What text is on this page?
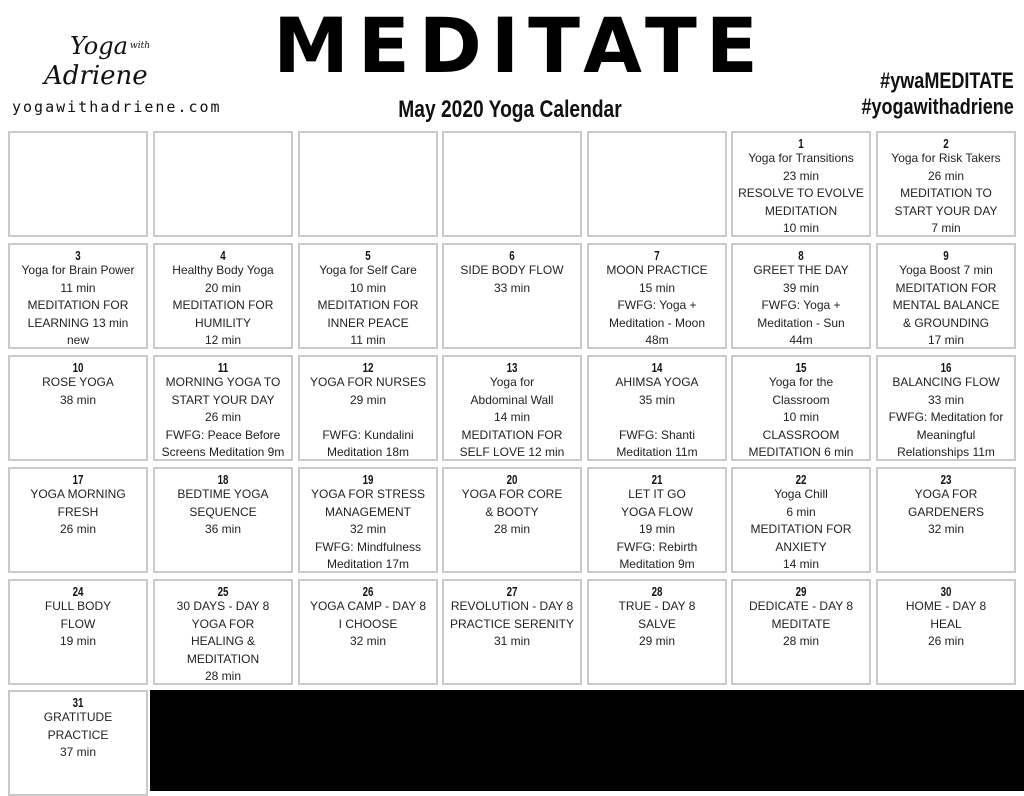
Yoga with
Adriene
yogawithadriene.com
MEDITATE
May 2020 Yoga Calendar
#ywaMEDITATE
#yogawithadriene
1
Yoga for Transitions
23 min
RESOLVE TO EVOLVE
MEDITATION
10 min
2
Yoga for Risk Takers
26 min
MEDITATION TO
START YOUR DAY
7 min
3
Yoga for Brain Power
11 min
MEDITATION FOR
LEARNING 13 min
new
4
Healthy Body Yoga
20 min
MEDITATION FOR
HUMILITY
12 min
5
Yoga for Self Care
10 min
MEDITATION FOR
INNER PEACE
11 min
6
SIDE BODY FLOW
33 min
7
MOON PRACTICE
15 min
FWFG: Yoga +
Meditation - Moon
48m
8
GREET THE DAY
39 min
FWFG: Yoga +
Meditation - Sun
44m
9
Yoga Boost 7 min
MEDITATION FOR
MENTAL BALANCE
& GROUNDING
17 min
10
ROSE YOGA
38 min
11
MORNING YOGA TO
START YOUR DAY
26 min
FWFG: Peace Before
Screens Meditation 9m
12
YOGA FOR NURSES
29 min

FWFG: Kundalini
Meditation 18m
13
Yoga for
Abdominal Wall
14 min
MEDITATION FOR
SELF LOVE 12 min
14
AHIMSA YOGA
35 min

FWFG: Shanti
Meditation 11m
15
Yoga for the
Classroom
10 min
CLASSROOM
MEDITATION 6 min
16
BALANCING FLOW
33 min
FWFG: Meditation for
Meaningful
Relationships 11m
17
YOGA MORNING
FRESH
26 min
18
BEDTIME YOGA
SEQUENCE
36 min
19
YOGA FOR STRESS
MANAGEMENT
32 min
FWFG: Mindfulness
Meditation 17m
20
YOGA FOR CORE
& BOOTY
28 min
21
LET IT GO
YOGA FLOW
19 min
FWFG: Rebirth
Meditation 9m
22
Yoga Chill
6 min
MEDITATION FOR
ANXIETY
14 min
23
YOGA FOR
GARDENERS
32 min
24
FULL BODY
FLOW
19 min
25
30 DAYS - DAY 8
YOGA FOR
HEALING &
MEDITATION
28 min
26
YOGA CAMP - DAY 8
I CHOOSE
32 min
27
REVOLUTION - DAY 8
PRACTICE SERENITY
31 min
28
TRUE - DAY 8
SALVE
29 min
29
DEDICATE - DAY 8
MEDITATE
28 min
30
HOME - DAY 8
HEAL
26 min
31
GRATITUDE
PRACTICE
37 min
